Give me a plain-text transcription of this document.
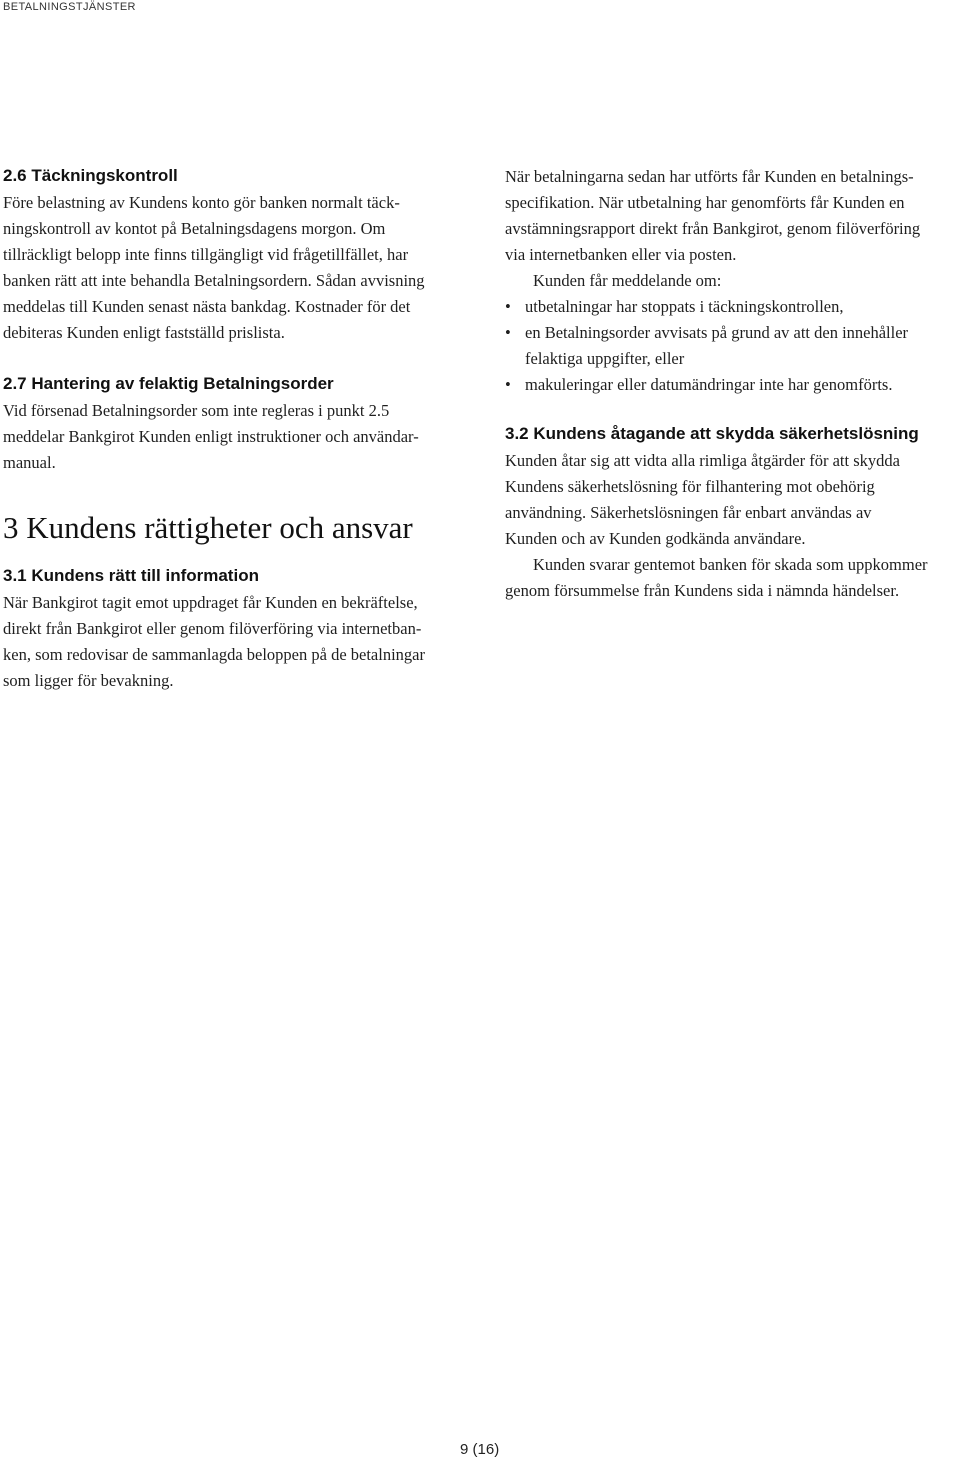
BETALNINGSTJÄNSTER
2.6 Täckningskontroll
Före belastning av Kundens konto gör banken normalt täck-
ningskontroll av kontot på Betalningsdagens morgon. Om
tillräckligt belopp inte finns tillgängligt vid frågetillfället, har
banken rätt att inte behandla Betalningsordern. Sådan avvisning
meddelas till Kunden senast nästa bankdag. Kostnader för det
debiteras Kunden enligt fastställd prislista.
2.7 Hantering av felaktig Betalningsorder
Vid försenad Betalningsorder som inte regleras i punkt 2.5
meddelar Bankgirot Kunden enligt instruktioner och användar-
manual.
3 Kundens rättigheter och ansvar
3.1 Kundens rätt till information
När Bankgirot tagit emot uppdraget får Kunden en bekräftelse,
direkt från Bankgirot eller genom filöverföring via internetban-
ken, som redovisar de sammanlagda beloppen på de betalningar
som ligger för bevakning.
När betalningarna sedan har utförts får Kunden en betalnings-
specifikation. När utbetalning har genomförts får Kunden en
avstämningsrapport direkt från Bankgirot, genom filöverföring
via internetbanken eller via posten.
Kunden får meddelande om:
• utbetalningar har stoppats i täckningskontrollen,
• en Betalningsorder avvisats på grund av att den innehåller
felaktiga uppgifter, eller
• makuleringar eller datumändringar inte har genomförts.
3.2 Kundens åtagande att skydda säkerhetslösning
Kunden åtar sig att vidta alla rimliga åtgärder för att skydda
Kundens säkerhetslösning för filhantering mot obehörig
användning. Säkerhetslösningen får enbart användas av
Kunden och av Kunden godkända användare.
Kunden svarar gentemot banken för skada som uppkommer
genom försummelse från Kundens sida i nämnda händelser.
9 (16)
